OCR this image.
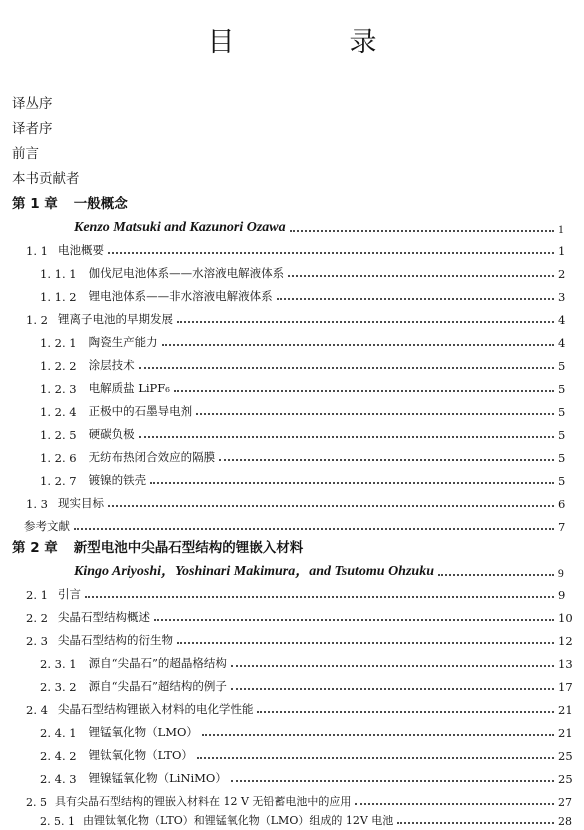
目　录
译丛序
译者序
前言
本书贡献者
第 1 章 一般概念
Kenzo Matsuki and Kazunori Ozawa	1
1. 1 电池概要	1
1. 1. 1 伽伐尼电池体系——水溶液电解液体系	2
1. 1. 2 锂电池体系——非水溶液电解液体系	3
1. 2 锂离子电池的早期发展	4
1. 2. 1 陶瓷生产能力	4
1. 2. 2 涂层技术	5
1. 2. 3 电解质盐 LiPF₆	5
1. 2. 4 正极中的石墨导电剂	5
1. 2. 5 硬碳负极	5
1. 2. 6 无纺布热闭合效应的隔膜	5
1. 2. 7 镀镍的铁壳	5
1. 3 现实目标	6
参考文献	7
第 2 章 新型电池中尖晶石型结构的锂嵌入材料
Kingo Ariyoshi，Yoshinari Makimura，and Tsutomu Ohzuku	9
2. 1 引言	9
2. 2 尖晶石型结构概述	10
2. 3 尖晶石型结构的衍生物	12
2. 3. 1 源自“尖晶石”的超晶格结构	13
2. 3. 2 源自“尖晶石”超结构的例子	17
2. 4 尖晶石型结构锂嵌入材料的电化学性能	21
2. 4. 1 锂锰氧化物（LMO）	21
2. 4. 2 锂钛氧化物（LTO）	25
2. 4. 3 锂镍锰氧化物（LiNiMO）	25
2. 5 具有尖晶石型结构的锂嵌入材料在 12 V 无铅蓄电池中的应用	27
2. 5. 1 由锂钛氧化物（LTO）和锂锰氧化物（LMO）组成的 12V 电池	28
